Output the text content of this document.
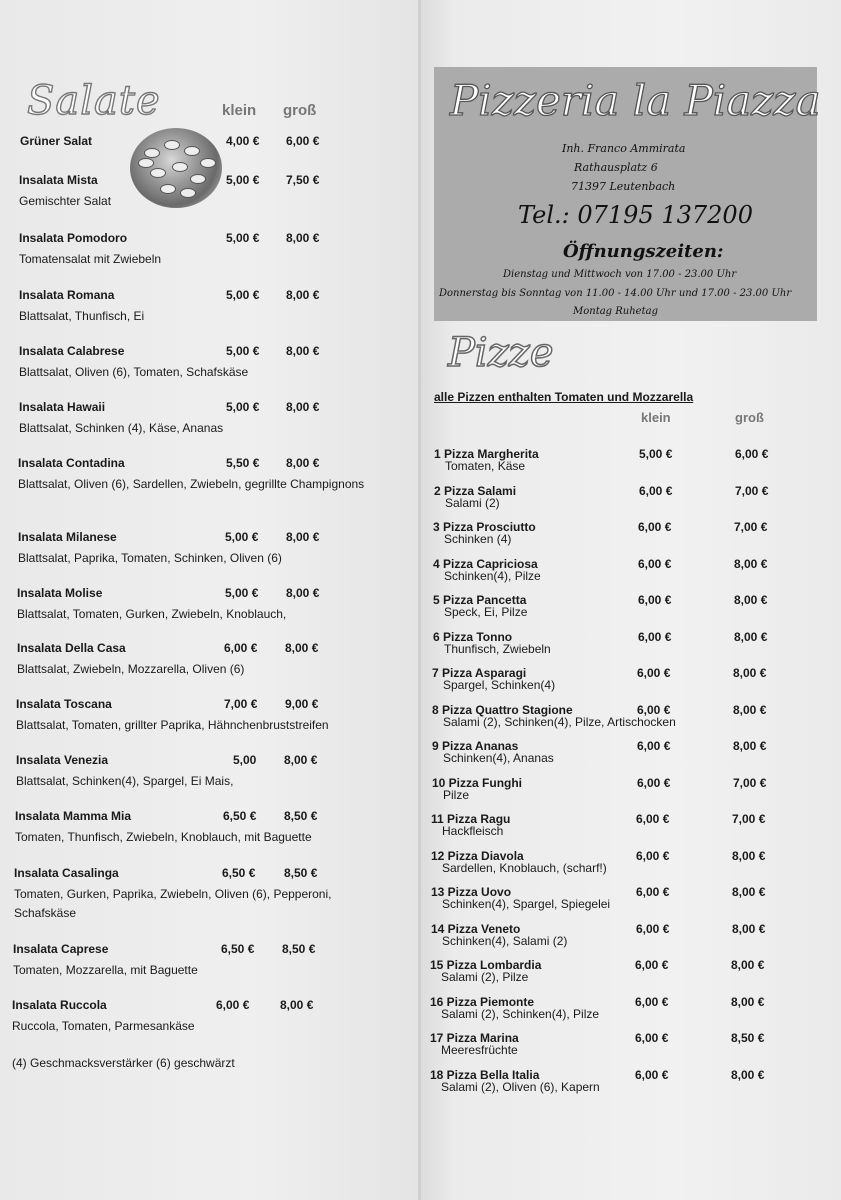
Salate	klein groß
Grüner Salat	4,00 € 6,00 €
Insalata Mista
Gemischter Salat
5,00 € 7,50 €
Insalata Pomodoro
Tomatensalat mit Zwiebeln
5,00 € 8,00 €
Insalata Romana
Blattsalat, Thunfisch, Ei
5,00 € 8,00 €
Insalata Calabrese
Blattsalat, Oliven (6), Tomaten, Schafskäse
5,00 € 8,00 €
Insalata Hawaii
Blattsalat, Schinken (4), Käse, Ananas
5,00 € 8,00 €
Insalata Contadina
Blattsalat, Oliven (6), Sardellen, Zwiebeln, gegrillte Champignons
5,50 € 8,00 €
Insalata Milanese
Blattsalat, Paprika, Tomaten, Schinken, Oliven (6)
5,00 € 8,00 €
Insalata Molise
Blattsalat, Tomaten, Gurken, Zwiebeln, Knoblauch,
5,00 € 8,00 €
Insalata Della Casa
Blattsalat, Zwiebeln, Mozzarella, Oliven (6)
6,00 € 8,00 €
Insalata Toscana
Blattsalat, Tomaten, grillter Paprika, Hähnchenbruststreifen
7,00 € 9,00 €
Insalata Venezia
Blattsalat, Schinken(4), Spargel, Ei Mais,
5,00 8,00 €
Insalata Mamma Mia
Tomaten, Thunfisch, Zwiebeln, Knoblauch, mit Baguette
6,50 € 8,50 €
Insalata Casalinga
Tomaten, Gurken, Paprika, Zwiebeln, Oliven (6), Pepperoni, Schafskäse
6,50 € 8,50 €
Insalata Caprese
Tomaten, Mozzarella, mit Baguette
6,50 € 8,50 €
Insalata Ruccola
Ruccola, Tomaten, Parmesankäse
6,00 €	8,00 €
(4) Geschmacksverstärker (6) geschwärzt
Pizzeria la Piazza
Inh. Franco Ammirata
Rathausplatz 6
71397 Leutenbach
Tel.: 07195 137200
Öffnungszeiten:
Dienstag und Mittwoch von 17.00 - 23.00 Uhr
Donnerstag bis Sonntag von 11.00 - 14.00 Uhr und 17.00 - 23.00 Uhr
Montag Ruhetag
Pizze
alle Pizzen enthalten Tomaten und Mozzarella
klein	groß
1 Pizza Margherita
Tomaten, Käse
5,00 €	6,00 €
2 Pizza Salami
Salami (2)
6,00 €	7,00 €
3 Pizza Prosciutto
Schinken (4)
6,00 €	7,00 €
4 Pizza Capriciosa
Schinken(4), Pilze
6,00 €	8,00 €
5 Pizza Pancetta
Speck, Ei, Pilze
6,00 €	8,00 €
6 Pizza Tonno
Thunfisch, Zwiebeln
6,00 €	8,00 €
7 Pizza Asparagi
Spargel, Schinken(4)
6,00 €	8,00 €
8 Pizza Quattro Stagione
Salami (2), Schinken(4), Pilze, Artischocken
6,00 €	8,00 €
9 Pizza Ananas
Schinken(4), Ananas
6,00 €	8,00 €
10 Pizza Funghi
Pilze
6,00 €	7,00 €
11 Pizza Ragu
Hackfleisch
6,00 €	7,00 €
12 Pizza Diavola
Sardellen, Knoblauch, (scharf!)
6,00 €	8,00 €
13 Pizza Uovo
Schinken(4), Spargel, Spiegelei
6,00 €	8,00 €
14 Pizza Veneto
Schinken(4), Salami (2)
6,00 €	8,00 €
15 Pizza Lombardia
Salami (2), Pilze
6,00 €	8,00 €
16 Pizza Piemonte
Salami (2), Schinken(4), Pilze
6,00 €	8,00 €
17 Pizza Marina
Meeresfrüchte
6,00 €	8,50 €
18 Pizza Bella Italia
Salami (2), Oliven (6), Kapern
6,00 €	8,00 €
